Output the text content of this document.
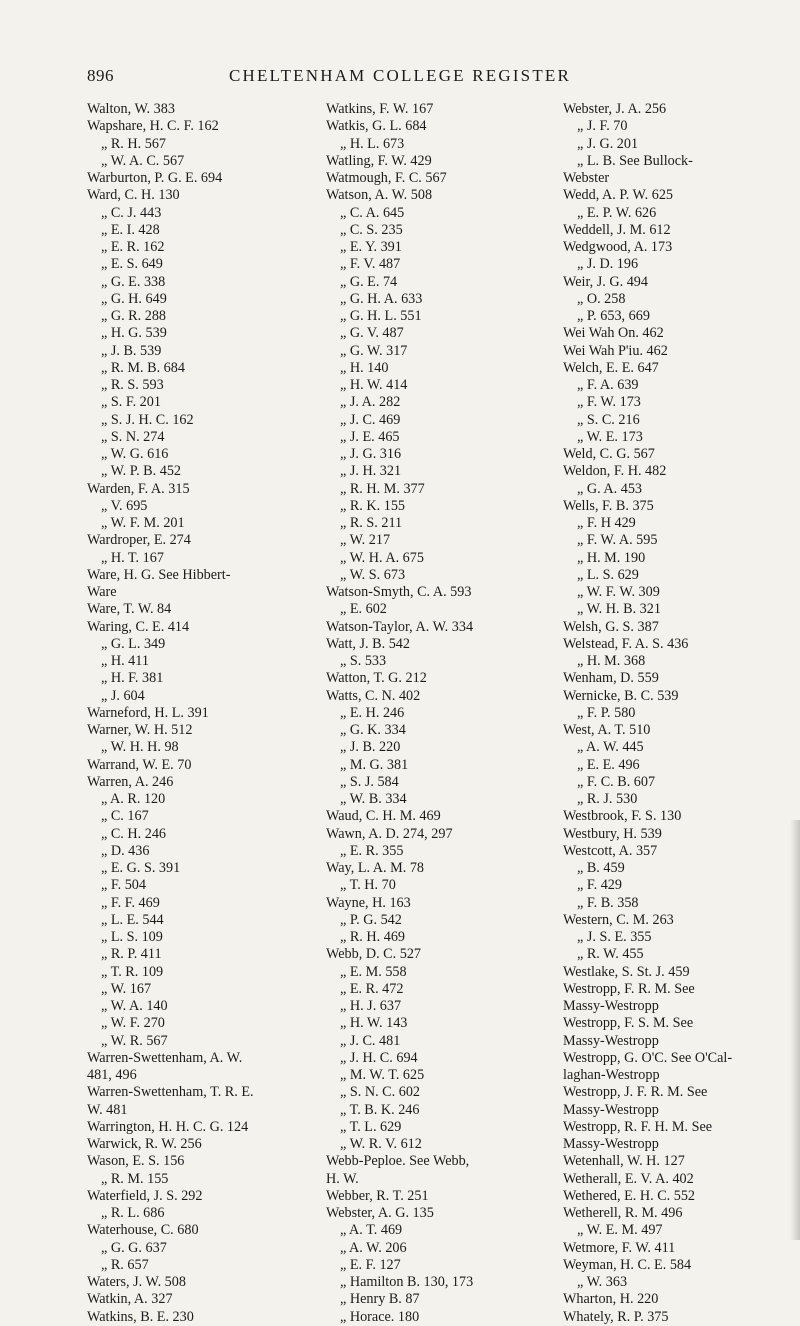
896	CHELTENHAM COLLEGE REGISTER
Walton, W. 383
Wapshare, H. C. F. 162
„ R. H. 567
„ W. A. C. 567
Warburton, P. G. E. 694
Ward, C. H. 130
„ C. J. 443
„ E. I. 428
„ E. R. 162
„ E. S. 649
„ G. E. 338
„ G. H. 649
„ G. R. 288
„ H. G. 539
„ J. B. 539
„ R. M. B. 684
„ R. S. 593
„ S. F. 201
„ S. J. H. C. 162
„ S. N. 274
„ W. G. 616
„ W. P. B. 452
Warden, F. A. 315
„ V. 695
„ W. F. M. 201
Wardroper, E. 274
„ H. T. 167
Ware, H. G. See Hibbert-
Ware
Ware, T. W. 84
Waring, C. E. 414
„ G. L. 349
„ H. 411
„ H. F. 381
„ J. 604
Warneford, H. L. 391
Warner, W. H. 512
„ W. H. H. 98
Warrand, W. E. 70
Warren, A. 246
„ A. R. 120
„ C. 167
„ C. H. 246
„ D. 436
„ E. G. S. 391
„ F. 504
„ F. F. 469
„ L. E. 544
„ L. S. 109
„ R. P. 411
„ T. R. 109
„ W. 167
„ W. A. 140
„ W. F. 270
„ W. R. 567
Warren-Swettenham, A. W.
481, 496
Warren-Swettenham, T. R. E.
W. 481
Warrington, H. H. C. G. 124
Warwick, R. W. 256
Wason, E. S. 156
„ R. M. 155
Waterfield, J. S. 292
„ R. L. 686
Waterhouse, C. 680
„ G. G. 637
„ R. 657
Waters, J. W. 508
Watkin, A. 327
Watkins, B. E. 230
Watkins, F. W. 167
Watkis, G. L. 684
„ H. L. 673
Watling, F. W. 429
Watmough, F. C. 567
Watson, A. W. 508
„ C. A. 645
„ C. S. 235
„ E. Y. 391
„ F. V. 487
„ G. E. 74
„ G. H. A. 633
„ G. H. L. 551
„ G. V. 487
„ G. W. 317
„ H. 140
„ H. W. 414
„ J. A. 282
„ J. C. 469
„ J. E. 465
„ J. G. 316
„ J. H. 321
„ R. H. M. 377
„ R. K. 155
„ R. S. 211
„ W. 217
„ W. H. A. 675
„ W. S. 673
Watson-Smyth, C. A. 593
„ E. 602
Watson-Taylor, A. W. 334
Watt, J. B. 542
„ S. 533
Watton, T. G. 212
Watts, C. N. 402
„ E. H. 246
„ G. K. 334
„ J. B. 220
„ M. G. 381
„ S. J. 584
„ W. B. 334
Waud, C. H. M. 469
Wawn, A. D. 274, 297
„ E. R. 355
Way, L. A. M. 78
„ T. H. 70
Wayne, H. 163
„ P. G. 542
„ R. H. 469
Webb, D. C. 527
„ E. M. 558
„ E. R. 472
„ H. J. 637
„ H. W. 143
„ J. C. 481
„ J. H. C. 694
„ M. W. T. 625
„ S. N. C. 602
„ T. B. K. 246
„ T. L. 629
„ W. R. V. 612
Webb-Peploe. See Webb,
H. W.
Webber, R. T. 251
Webster, A. G. 135
„ A. T. 469
„ A. W. 206
„ E. F. 127
„ Hamilton B. 130, 173
„ Henry B. 87
„ Horace. 180
Webster, J. A. 256
„ J. F. 70
„ J. G. 201
„ L. B. See Bullock-
Webster
Wedd, A. P. W. 625
„ E. P. W. 626
Weddell, J. M. 612
Wedgwood, A. 173
„ J. D. 196
Weir, J. G. 494
„ O. 258
„ P. 653, 669
Wei Wah On. 462
Wei Wah P'iu. 462
Welch, E. E. 647
„ F. A. 639
„ F. W. 173
„ S. C. 216
„ W. E. 173
Weld, C. G. 567
Weldon, F. H. 482
„ G. A. 453
Wells, F. B. 375
„ F. H 429
„ F. W. A. 595
„ H. M. 190
„ L. S. 629
„ W. F. W. 309
„ W. H. B. 321
Welsh, G. S. 387
Welstead, F. A. S. 436
„ H. M. 368
Wenham, D. 559
Wernicke, B. C. 539
„ F. P. 580
West, A. T. 510
„ A. W. 445
„ E. E. 496
„ F. C. B. 607
„ R. J. 530
Westbrook, F. S. 130
Westbury, H. 539
Westcott, A. 357
„ B. 459
„ F. 429
„ F. B. 358
Western, C. M. 263
„ J. S. E. 355
„ R. W. 455
Westlake, S. St. J. 459
Westropp, F. R. M. See
Massy-Westropp
Westropp, F. S. M. See
Massy-Westropp
Westropp, G. O'C. See O'Cal-
laghan-Westropp
Westropp, J. F. R. M. See
Massy-Westropp
Westropp, R. F. H. M. See
Massy-Westropp
Wetenhall, W. H. 127
Wetherall, E. V. A. 402
Wethered, E. H. C. 552
Wetherell, R. M. 496
„ W. E. M. 497
Wetmore, F. W. 411
Weyman, H. C. E. 584
„ W. 363
Wharton, H. 220
Whately, R. P. 375
